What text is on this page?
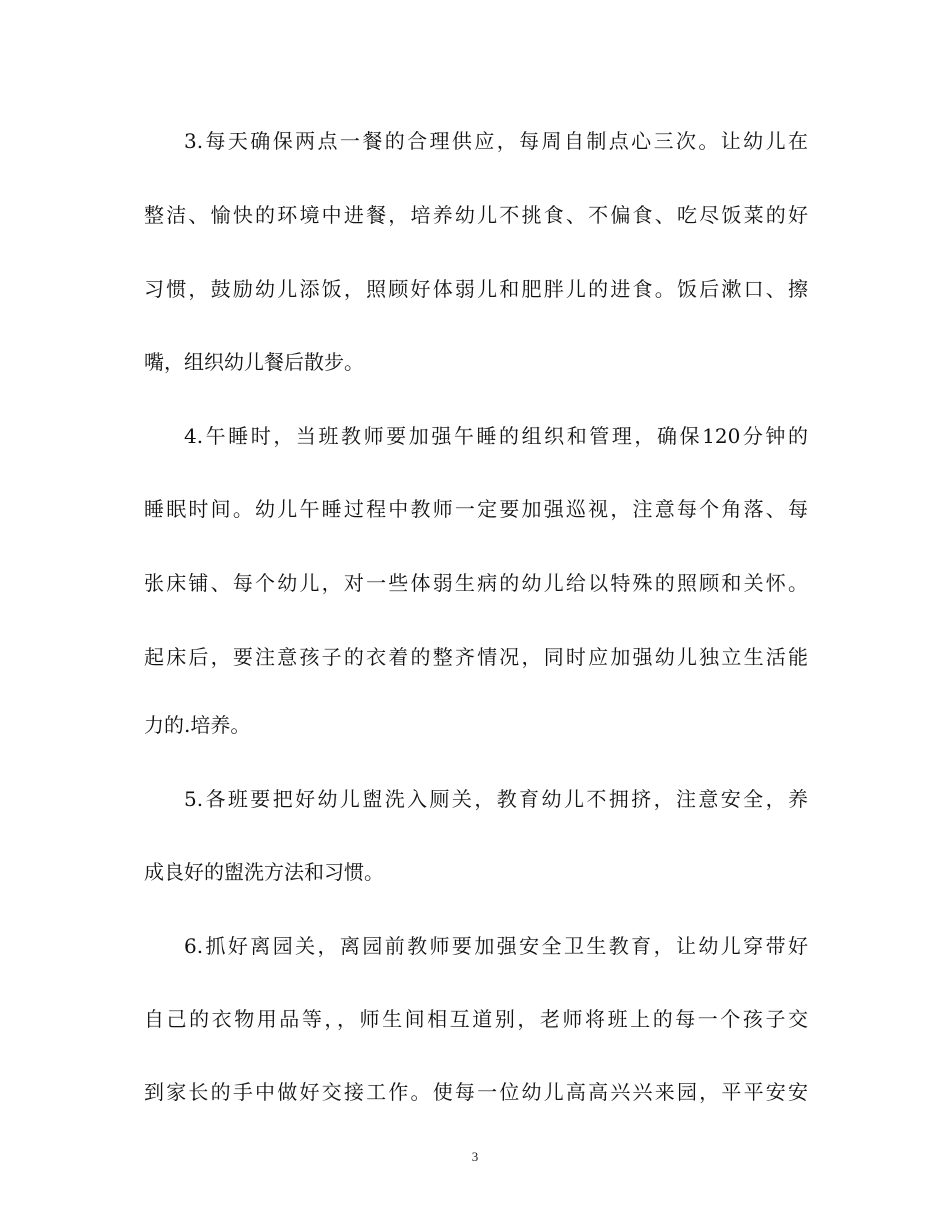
3.每天确保两点一餐的合理供应，每周自制点心三次。让幼儿在
整洁、愉快的环境中进餐，培养幼儿不挑食、不偏食、吃尽饭菜的好
习惯，鼓励幼儿添饭，照顾好体弱儿和肥胖儿的进食。饭后漱口、擦
嘴，组织幼儿餐后散步。
4.午睡时，当班教师要加强午睡的组织和管理，确保120分钟的
睡眠时间。幼儿午睡过程中教师一定要加强巡视，注意每个角落、每
张床铺、每个幼儿，对一些体弱生病的幼儿给以特殊的照顾和关怀。
起床后，要注意孩子的衣着的整齐情况，同时应加强幼儿独立生活能
力的.培养。
5.各班要把好幼儿盥洗入厕关，教育幼儿不拥挤，注意安全，养
成良好的盥洗方法和习惯。
6.抓好离园关，离园前教师要加强安全卫生教育，让幼儿穿带好
自己的衣物用品等，，师生间相互道别，老师将班上的每一个孩子交
到家长的手中做好交接工作。使每一位幼儿高高兴兴来园，平平安安
3
